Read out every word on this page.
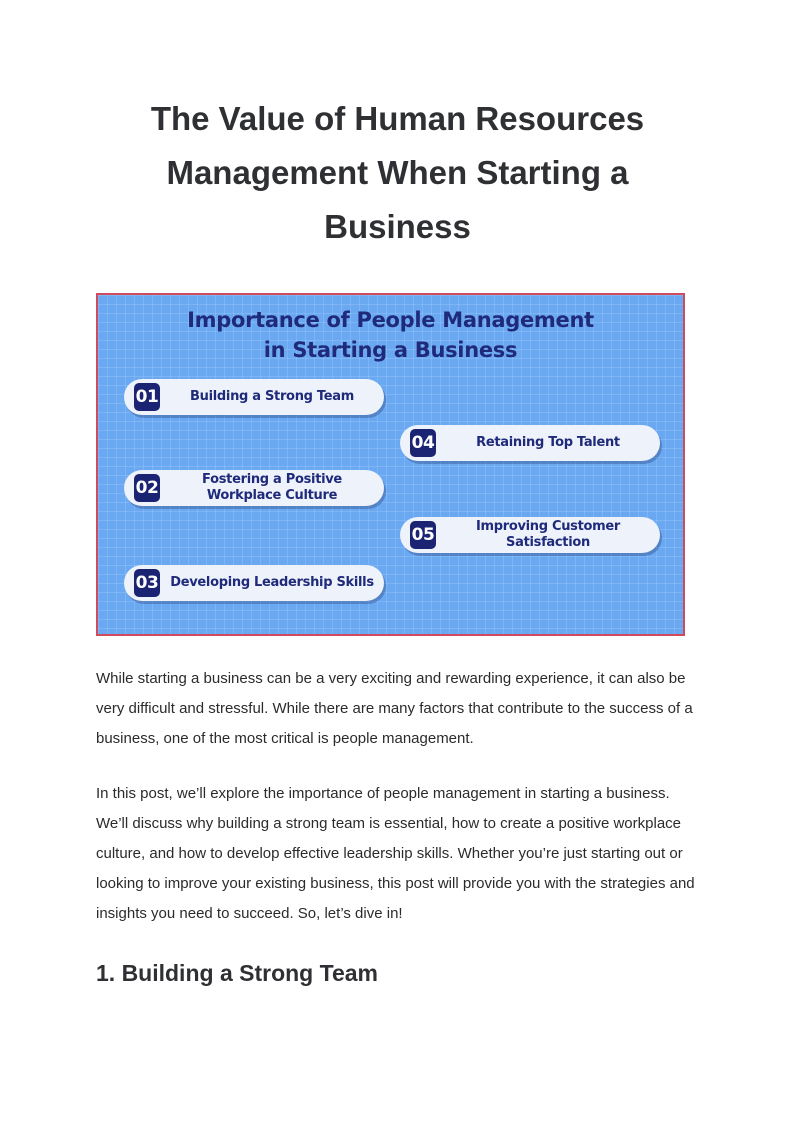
The Value of Human Resources Management When Starting a Business
Importance of People Management
in Starting a Business
01	Building a Strong Team
02	Fostering a Positive Workplace Culture
03 Developing Leadership Skills
04	Retaining Top Talent
05	Improving Customer Satisfaction

While starting a business can be a very exciting and rewarding experience, it can also be very difficult and stressful. While there are many factors that contribute to the success of a business, one of the most critical is people management.

In this post, we’ll explore the importance of people management in starting a business. We’ll discuss why building a strong team is essential, how to create a positive workplace culture, and how to develop effective leadership skills. Whether you’re just starting out or looking to improve your existing business, this post will provide you with the strategies and insights you need to succeed. So, let’s dive in!

1. Building a Strong Team
